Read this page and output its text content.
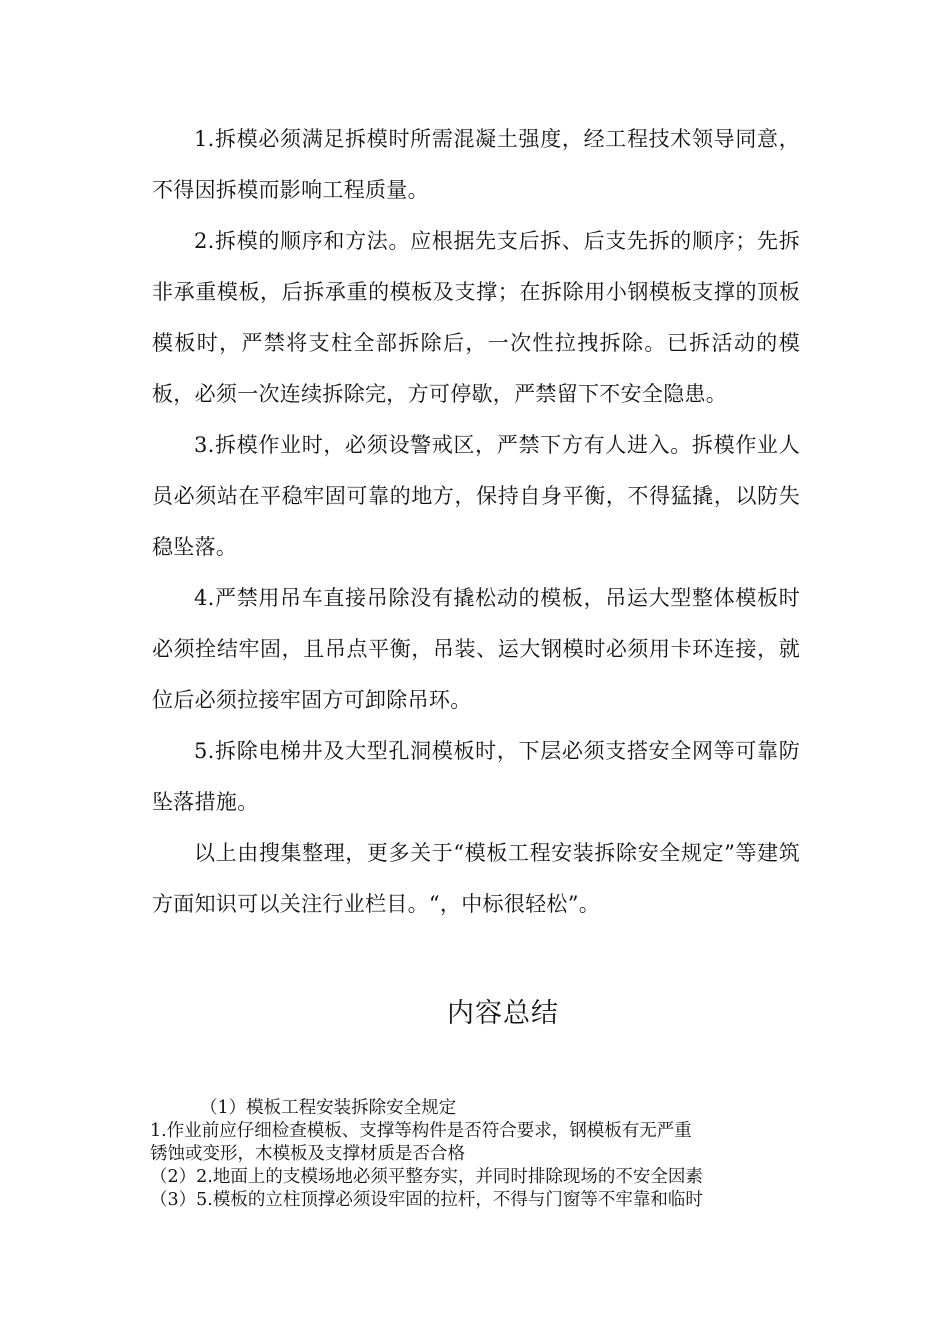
1.拆模必须满足拆模时所需混凝土强度，经工程技术领导同意，不得因拆模而影响工程质量。

2.拆模的顺序和方法。应根据先支后拆、后支先拆的顺序；先拆非承重模板，后拆承重的模板及支撑；在拆除用小钢模板支撑的顶板模板时，严禁将支柱全部拆除后，一次性拉拽拆除。已拆活动的模板，必须一次连续拆除完，方可停歇，严禁留下不安全隐患。

3.拆模作业时，必须设警戒区，严禁下方有人进入。拆模作业人员必须站在平稳牢固可靠的地方，保持自身平衡，不得猛撬，以防失稳坠落。

4.严禁用吊车直接吊除没有撬松动的模板，吊运大型整体模板时必须拴结牢固，且吊点平衡，吊装、运大钢模时必须用卡环连接，就位后必须拉接牢固方可卸除吊环。

5.拆除电梯井及大型孔洞模板时，下层必须支搭安全网等可靠防坠落措施。

以上由搜集整理，更多关于“模板工程安装拆除安全规定”等建筑方面知识可以关注行业栏目。“，中标很轻松”。

内容总结

（1）模板工程安装拆除安全规定

1.作业前应仔细检查模板、支撑等构件是否符合要求，钢模板有无严重

锈蚀或变形，木模板及支撑材质是否合格

（2）2.地面上的支模场地必须平整夯实，并同时排除现场的不安全因素

（3）5.模板的立柱顶撑必须设牢固的拉杆，不得与门窗等不牢靠和临时
